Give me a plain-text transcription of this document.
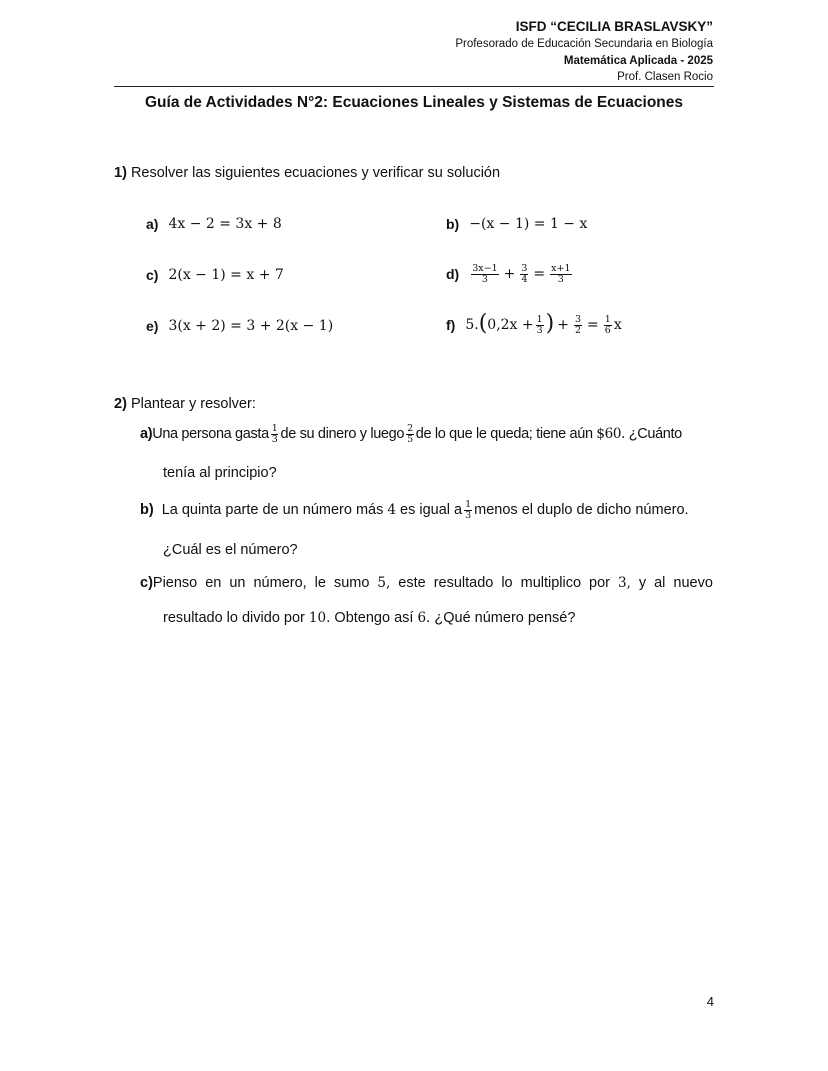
ISFD “CECILIA BRASLAVSKY”
Profesorado de Educación Secundaria en Biología
Matemática Aplicada - 2025
Prof. Clasen Rocio
Guía de Actividades N°2: Ecuaciones Lineales y Sistemas de Ecuaciones
1) Resolver las siguientes ecuaciones y verificar su solución
a) 4x − 2 = 3x + 8	b) −(x − 1) = 1 − x
c) 2(x − 1) = x + 7	$d) \frac{3x-1}{3} + \frac{3}{4} = \frac{x+1}{3}$
e) 3(x + 2) = 3 + 2(x − 1)	f) 5. ( $0,2x + \frac{1}{3}$ ) + $\frac{3}{2} = \frac{1}{6}$ x
2) Plantear y resolver:
a) Una persona gasta $\frac{1}{3}$ de su dinero y luego $\frac{2}{5}$ de lo que le queda; tiene aún
$60.
¿Cuánto
tenía al principio?
b) La quinta parte de un número más
4
es igual a $\frac{1}{3}$ menos el duplo de dicho número.
¿Cuál es el número?
c)Pienso en un número, le sumo 5, este resultado lo multiplico por 3, y al nuevo
resultado lo divido por 10. Obtengo así 6. ¿Qué número pensé?
4
